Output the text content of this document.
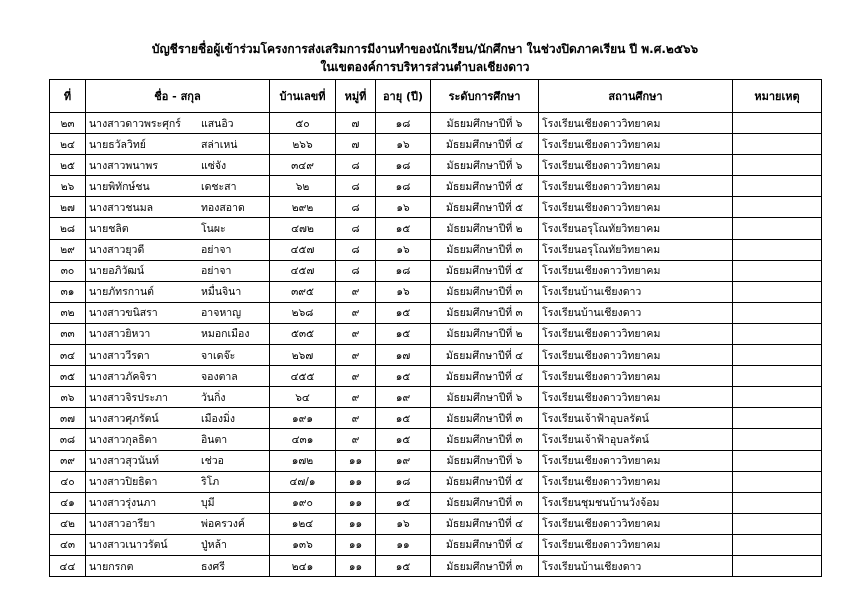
บัญชีรายชื่อผู้เข้าร่วมโครงการส่งเสริมการมีงานทำของนักเรียน/นักศึกษา ในช่วงปิดภาคเรียน ปี พ.ศ.๒๕๖๖
ในเขตองค์การบริหารส่วนตำบลเชียงดาว
ที่	ชื่อ - สกุล	บ้านเลขที่	หมู่ที่	อายุ (ปี)	ระดับการศึกษา	สถานศึกษา	หมายเหตุ
๒๓	นางสาวดาวพระศุกร์ แสนอิว	๕๐	๗	๑๘	มัธยมศึกษาปีที่ ๖	โรงเรียนเชียงดาววิทยาคม	
๒๔	นายธวัลวิทย์ สล่าเหน่	๒๖๖	๗	๑๖	มัธยมศึกษาปีที่ ๔	โรงเรียนเชียงดาววิทยาคม	
๒๕	นางสาวพนาพร แซ่จัง	๓๔๙	๘	๑๘	มัธยมศึกษาปีที่ ๖	โรงเรียนเชียงดาววิทยาคม	
๒๖	นายพิทักษ์ชน เดชะสา	๖๒	๘	๑๘	มัธยมศึกษาปีที่ ๕	โรงเรียนเชียงดาววิทยาคม	
๒๗	นางสาวชนมล ทองสอาด	๒๙๒	๘	๑๖	มัธยมศึกษาปีที่ ๕	โรงเรียนเชียงดาววิทยาคม	
๒๘	นายชลิต โนผะ	๔๗๒	๘	๑๕	มัธยมศึกษาปีที่ ๒	โรงเรียนอรุโณทัยวิทยาคม	
๒๙	นางสาวยุวดี อย่าจา	๔๕๗	๘	๑๖	มัธยมศึกษาปีที่ ๓	โรงเรียนอรุโณทัยวิทยาคม	
๓๐	นายอภิวัฒน์ อย่าจา	๔๕๗	๘	๑๘	มัธยมศึกษาปีที่ ๕	โรงเรียนเชียงดาววิทยาคม	
๓๑	นายภัทรกานต์ หมื่นจินา	๓๙๕	๙	๑๖	มัธยมศึกษาปีที่ ๓	โรงเรียนบ้านเชียงดาว	
๓๒	นางสาวขนิสรา อาจหาญ	๒๖๘	๙	๑๕	มัธยมศึกษาปีที่ ๓	โรงเรียนบ้านเชียงดาว	
๓๓	นางสาวยิหวา หมอกเมือง	๕๓๕	๙	๑๕	มัธยมศึกษาปีที่ ๒	โรงเรียนเชียงดาววิทยาคม	
๓๔	นางสาววีรดา จาเดจ๊ะ	๒๖๗	๙	๑๗	มัธยมศึกษาปีที่ ๔	โรงเรียนเชียงดาววิทยาคม	
๓๕	นางสาวภัคจิรา จองตาล	๔๕๕	๙	๑๕	มัธยมศึกษาปีที่ ๔	โรงเรียนเชียงดาววิทยาคม	
๓๖	นางสาวจิรประภา วันกิ่ง	๖๔	๙	๑๙	มัธยมศึกษาปีที่ ๖	โรงเรียนเชียงดาววิทยาคม	
๓๗	นางสาวศุภรัตน์ เมืองมิ่ง	๑๙๑	๙	๑๕	มัธยมศึกษาปีที่ ๓	โรงเรียนเจ้าฟ้าอุบลรัตน์	
๓๘	นางสาวกุลธิดา อินตา	๔๓๑	๙	๑๕	มัธยมศึกษาปีที่ ๓	โรงเรียนเจ้าฟ้าอุบลรัตน์	
๓๙	นางสาวสุวนันท์ เช่วอ	๑๗๒	๑๑	๑๙	มัธยมศึกษาปีที่ ๖	โรงเรียนเชียงดาววิทยาคม	
๔๐	นางสาวปิยธิดา ริโภ	๔๗/๑	๑๑	๑๘	มัธยมศึกษาปีที่ ๕	โรงเรียนเชียงดาววิทยาคม	
๔๑	นางสาวรุ่งนภา บุมี	๑๙๐	๑๑	๑๕	มัธยมศึกษาปีที่ ๓	โรงเรียนชุมชนบ้านวังจ้อม	
๔๒	นางสาวอารียา พ่อครวงค์	๑๒๔	๑๑	๑๖	มัธยมศึกษาปีที่ ๔	โรงเรียนเชียงดาววิทยาคม	
๔๓	นางสาวเนาวรัตน์ ปู่หล้า	๑๓๖	๑๑	๑๑	มัธยมศึกษาปีที่ ๔	โรงเรียนเชียงดาววิทยาคม	
๔๔	นายกรกต ธงศรี	๒๔๑	๑๑	๑๕	มัธยมศึกษาปีที่ ๓	โรงเรียนบ้านเชียงดาว	
